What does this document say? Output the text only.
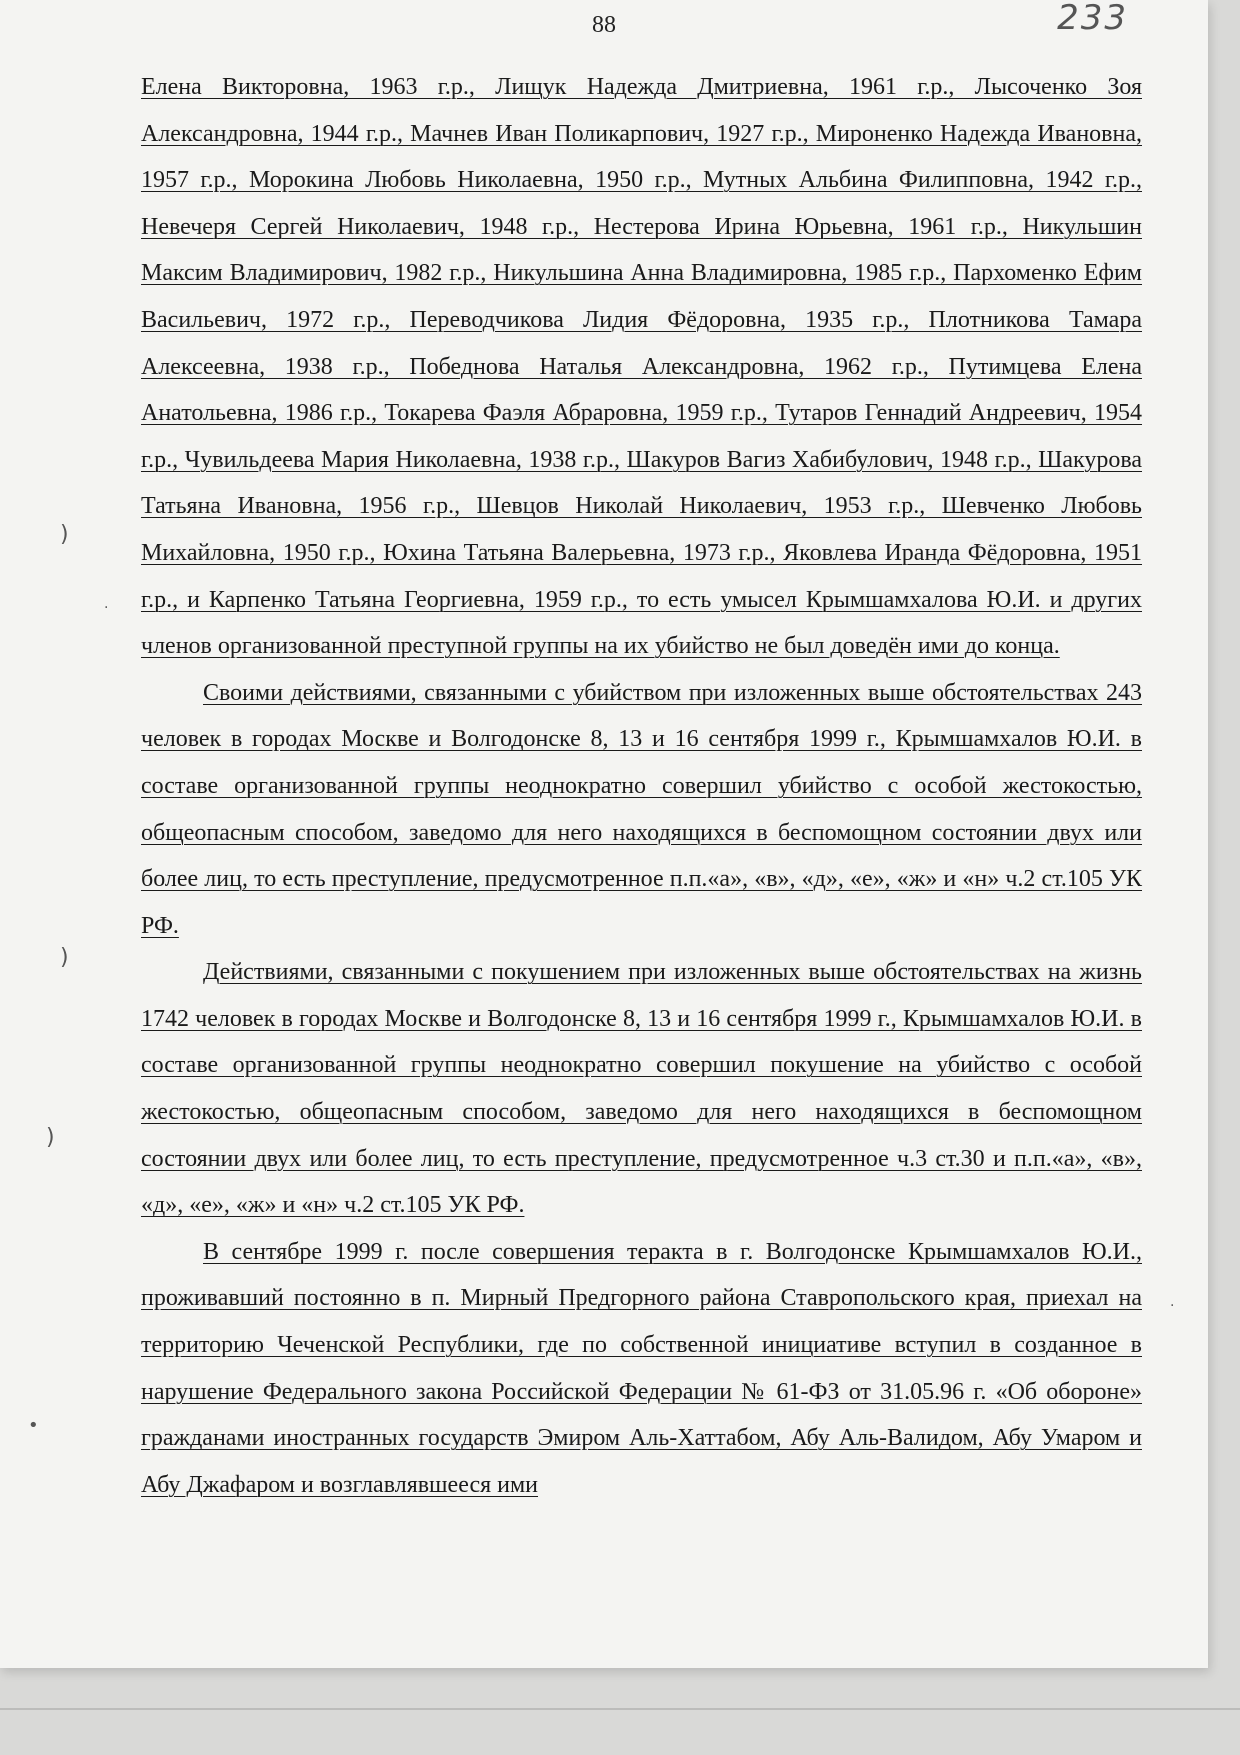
88	233

Елена Викторовна, 1963 г.р., Лищук Надежда Дмитриевна, 1961 г.р., Лысоченко Зоя Александровна, 1944 г.р., Мачнев Иван Поликарпович, 1927 г.р., Мироненко Надежда Ивановна, 1957 г.р., Морокина Любовь Николаевна, 1950 г.р., Мутных Альбина Филипповна, 1942 г.р., Невечеря Сергей Николаевич, 1948 г.р., Нестерова Ирина Юрьевна, 1961 г.р., Никульшин Максим Владимирович, 1982 г.р., Никульшина Анна Владимировна, 1985 г.р., Пархоменко Ефим Васильевич, 1972 г.р., Переводчикова Лидия Фёдоровна, 1935 г.р., Плотникова Тамара Алексеевна, 1938 г.р., Победнова Наталья Александровна, 1962 г.р., Путимцева Елена Анатольевна, 1986 г.р., Токарева Фаэля Абраровна, 1959 г.р., Тутаров Геннадий Андреевич, 1954 г.р., Чувильдеева Мария Николаевна, 1938 г.р., Шакуров Вагиз Хабибулович, 1948 г.р., Шакурова Татьяна Ивановна, 1956 г.р., Шевцов Николай Николаевич, 1953 г.р., Шевченко Любовь Михайловна, 1950 г.р., Юхина Татьяна Валерьевна, 1973 г.р., Яковлева Иранда Фёдоровна, 1951 г.р., и Карпенко Татьяна Георгиевна, 1959 г.р., то есть умысел Крымшамхалова Ю.И. и других членов организованной преступной группы на их убийство не был доведён ими до конца.

Своими действиями, связанными с убийством при изложенных выше обстоятельствах 243 человек в городах Москве и Волгодонске 8, 13 и 16 сентября 1999 г., Крымшамхалов Ю.И. в составе организованной группы неоднократно совершил убийство с особой жестокостью, общеопасным способом, заведомо для него находящихся в беспомощном состоянии двух или более лиц, то есть преступление, предусмотренное п.п.«а», «в», «д», «е», «ж» и «н» ч.2 ст.105 УК РФ.

Действиями, связанными с покушением при изложенных выше обстоятельствах на жизнь 1742 человек в городах Москве и Волгодонске 8, 13 и 16 сентября 1999 г., Крымшамхалов Ю.И. в составе организованной группы неоднократно совершил покушение на убийство с особой жестокостью, общеопасным способом, заведомо для него находящихся в беспомощном состоянии двух или более лиц, то есть преступление, предусмотренное ч.3 ст.30 и п.п.«а», «в», «д», «е», «ж» и «н» ч.2 ст.105 УК РФ.

В сентябре 1999 г. после совершения теракта в г. Волгодонске Крымшамхалов Ю.И., проживавший постоянно в п. Мирный Предгорного района Ставропольского края, приехал на территорию Чеченской Республики, где по собственной инициативе вступил в созданное в нарушение Федерального закона Российской Федерации № 61-ФЗ от 31.05.96 г. «Об обороне» гражданами иностранных государств Эмиром Аль-Хаттабом, Абу Аль-Валидом, Абу Умаром и Абу Джафаром и возглавлявшееся ими

)
·
)
)
•
·
